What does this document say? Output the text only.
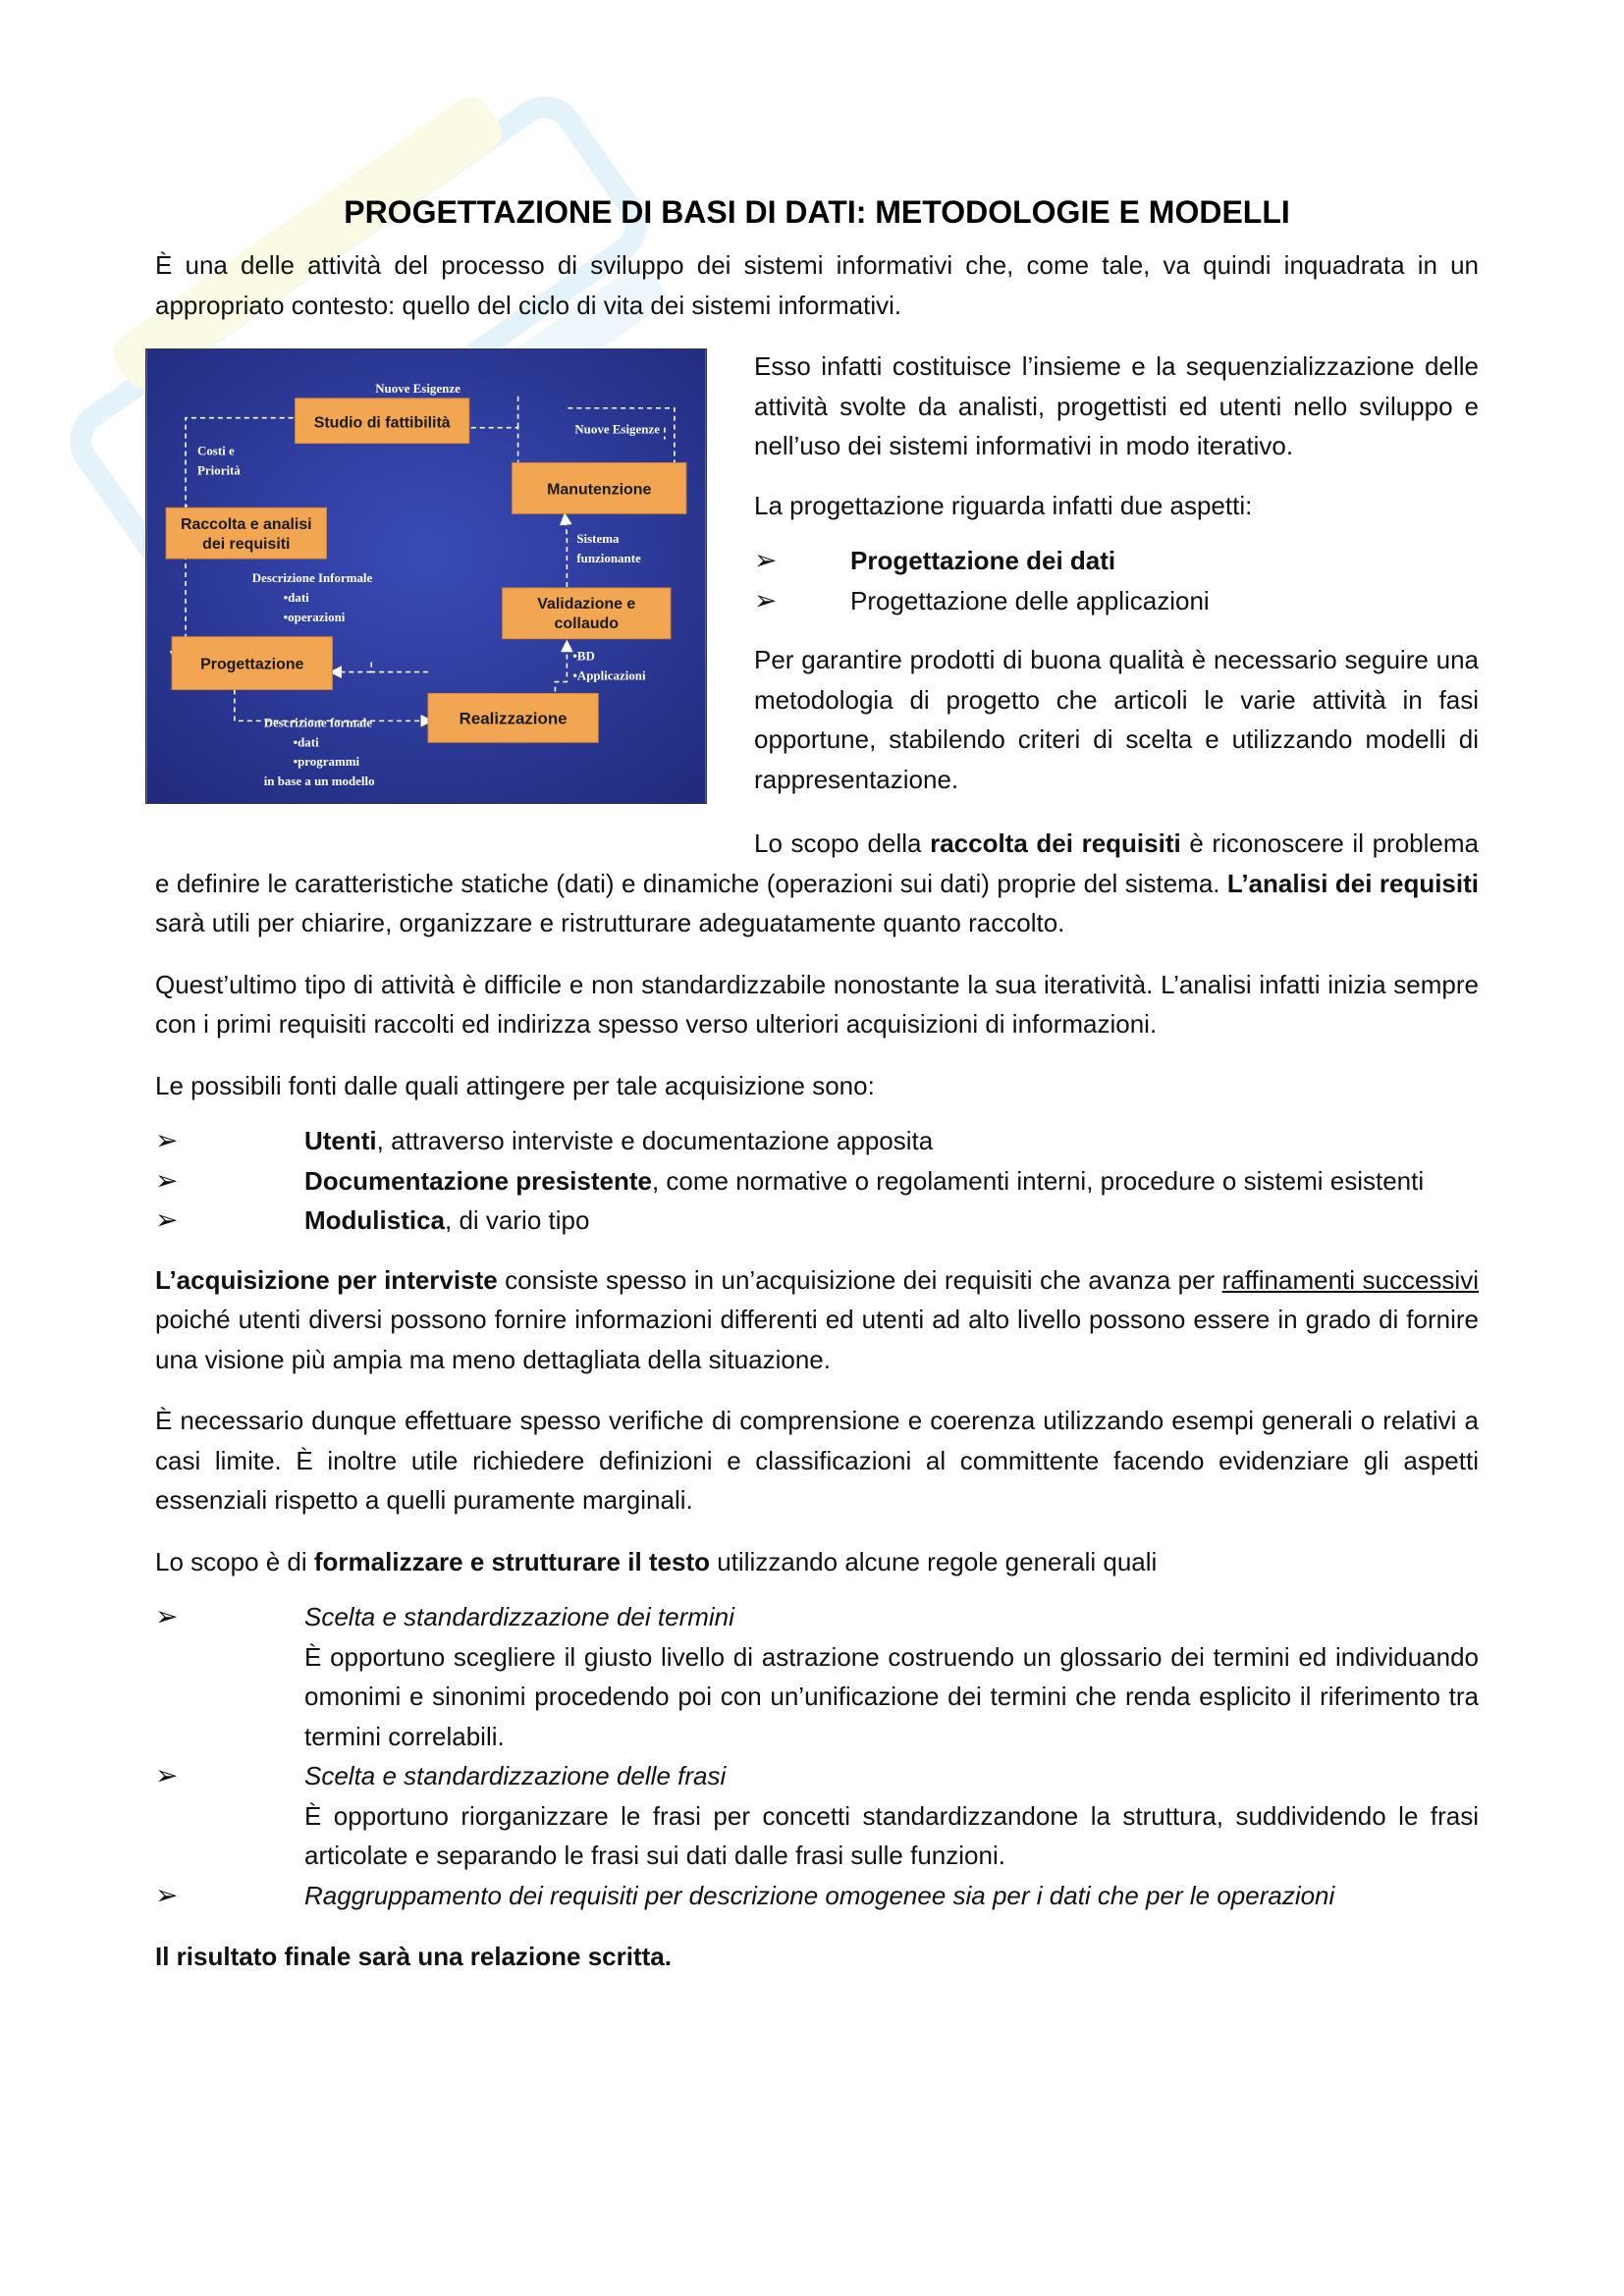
PROGETTAZIONE DI BASI DI DATI: METODOLOGIE E MODELLI

È una delle attività del processo di sviluppo dei sistemi informativi che, come tale, va quindi inquadrata in un appropriato contesto: quello del ciclo di vita dei sistemi informativi.

Studio di fattibilità
Raccolta e analisi
dei requisiti
Progettazione
Realizzazione
Validazione e
collaudo
Manutenzione
Nuove Esigenze
Nuove Esigenze
Costi e
Priorità
Descrizione Informale
•dati
•operazioni
Sistema
funzionante
•BD
•Applicazioni
Descrizione formale
•dati
•programmi
in base a un modello

Esso infatti costituisce l’insieme e la sequenzializzazione delle attività svolte da analisti, progettisti ed utenti nello sviluppo e nell’uso dei sistemi informativi in modo iterativo.

La progettazione riguarda infatti due aspetti:

➢	Progettazione dei dati
➢	Progettazione delle applicazioni

Per garantire prodotti di buona qualità è necessario seguire una metodologia di progetto che articoli le varie attività in fasi opportune, stabilendo criteri di scelta e utilizzando modelli di rappresentazione.

Lo scopo della raccolta dei requisiti è riconoscere il problema e definire le caratteristiche statiche (dati) e dinamiche (operazioni sui dati) proprie del sistema. L’analisi dei requisiti sarà utili per chiarire, organizzare e ristrutturare adeguatamente quanto raccolto.

Quest’ultimo tipo di attività è difficile e non standardizzabile nonostante la sua iteratività. L’analisi infatti inizia sempre con i primi requisiti raccolti ed indirizza spesso verso ulteriori acquisizioni di informazioni.

Le possibili fonti dalle quali attingere per tale acquisizione sono:

➢	Utenti, attraverso interviste e documentazione apposita
➢	Documentazione presistente, come normative o regolamenti interni, procedure o sistemi esistenti
➢	Modulistica, di vario tipo

L’acquisizione per interviste consiste spesso in un’acquisizione dei requisiti che avanza per raffinamenti successivi poiché utenti diversi possono fornire informazioni differenti ed utenti ad alto livello possono essere in grado di fornire una visione più ampia ma meno dettagliata della situazione.

È necessario dunque effettuare spesso verifiche di comprensione e coerenza utilizzando esempi generali o relativi a casi limite. È inoltre utile richiedere definizioni e classificazioni al committente facendo evidenziare gli aspetti essenziali rispetto a quelli puramente marginali.

Lo scopo è di formalizzare e strutturare il testo utilizzando alcune regole generali quali

➢	Scelta e standardizzazione dei termini
È opportuno scegliere il giusto livello di astrazione costruendo un glossario dei termini ed individuando omonimi e sinonimi procedendo poi con un’unificazione dei termini che renda esplicito il riferimento tra termini correlabili.
➢	Scelta e standardizzazione delle frasi
È opportuno riorganizzare le frasi per concetti standardizzandone la struttura, suddividendo le frasi articolate e separando le frasi sui dati dalle frasi sulle funzioni.
➢	Raggruppamento dei requisiti per descrizione omogenee sia per i dati che per le operazioni

Il risultato finale sarà una relazione scritta.
